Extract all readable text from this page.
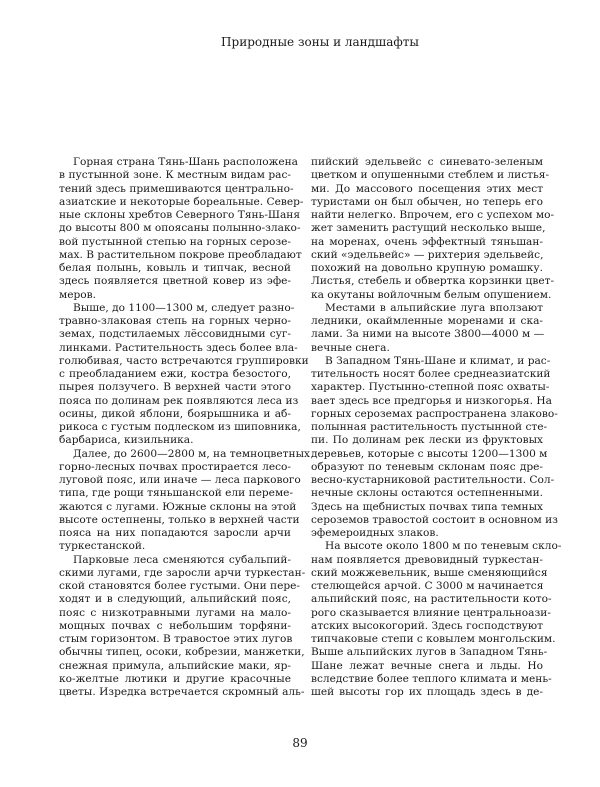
Природные зоны и ландшафты
Горная страна Тянь-Шань расположена
в пустынной зоне. К местным видам рас-
тений здесь примешиваются центрально-
азиатские и некоторые бореальные. Север-
ные склоны хребтов Северного Тянь-Шаня
до высоты 800 м опоясаны полынно-злако-
вой пустынной степью на горных серозе-
мах. В растительном покрове преобладают
белая полынь, ковыль и типчак, весной
здесь появляется цветной ковер из эфе-
меров.
Выше, до 1100—1300 м, следует разно-
травно-злаковая степь на горных черно-
земах, подстилаемых лёссовидными суг-
линками. Растительность здесь более вла-
голюбивая, часто встречаются группировки
с преобладанием ежи, костра безостого,
пырея ползучего. В верхней части этого
пояса по долинам рек появляются леса из
осины, дикой яблони, боярышника и аб-
рикоса с густым подлеском из шиповника,
барбариса, кизильника.
Далее, до 2600—2800 м, на темноцветных
горно-лесных почвах простирается лесо-
луговой пояс, или иначе — леса паркового
типа, где рощи тяньшанской ели переме-
жаются с лугами. Южные склоны на этой
высоте остепнены, только в верхней части
пояса на них попадаются заросли арчи
туркестанской.
Парковые леса сменяются субальпий-
скими лугами, где заросли арчи туркестан-
ской становятся более густыми. Они пере-
ходят и в следующий, альпийский пояс,
пояс с низкотравными лугами на мало-
мощных почвах с небольшим торфяни-
стым горизонтом. В травостое этих лугов
обычны типец, осоки, кобрезии, манжетки,
снежная примула, альпийские маки, яр-
ко-желтые лютики и другие красочные
цветы. Изредка встречается скромный аль-
пийский эдельвейс с синевато-зеленым
цветком и опушенными стеблем и листья-
ми. До массового посещения этих мест
туристами он был обычен, но теперь его
найти нелегко. Впрочем, его с успехом мо-
жет заменить растущий несколько выше,
на моренах, очень эффектный тяньшан-
ский «эдельвейс» — рихтерия эдельвейс,
похожий на довольно крупную ромашку.
Листья, стебель и обвертка корзинки цвет-
ка окутаны войлочным белым опушением.
Местами в альпийские луга вползают
ледники, окаймленные моренами и ска-
лами. За ними на высоте 3800—4000 м —
вечные снега.
В Западном Тянь-Шане и климат, и рас-
тительность носят более среднеазиатский
характер. Пустынно-степной пояс охваты-
вает здесь все предгорья и низкогорья. На
горных сероземах распространена злаково-
полынная растительность пустынной сте-
пи. По долинам рек лески из фруктовых
деревьев, которые с высоты 1200—1300 м
образуют по теневым склонам пояс дре-
весно-кустарниковой растительности. Сол-
нечные склоны остаются остепненными.
Здесь на щебнистых почвах типа темных
сероземов травостой состоит в основном из
эфемероидных злаков.
На высоте около 1800 м по теневым скло-
нам появляется древовидный туркестан-
ский можжевельник, выше сменяющийся
стелющейся арчой. С 3000 м начинается
альпийский пояс, на растительности кото-
рого сказывается влияние центральноази-
атских высокогорий. Здесь господствуют
типчаковые степи с ковылем монгольским.
Выше альпийских лугов в Западном Тянь-
Шане лежат вечные снега и льды. Но
вследствие более теплого климата и мень-
шей высоты гор их площадь здесь в де-
89
